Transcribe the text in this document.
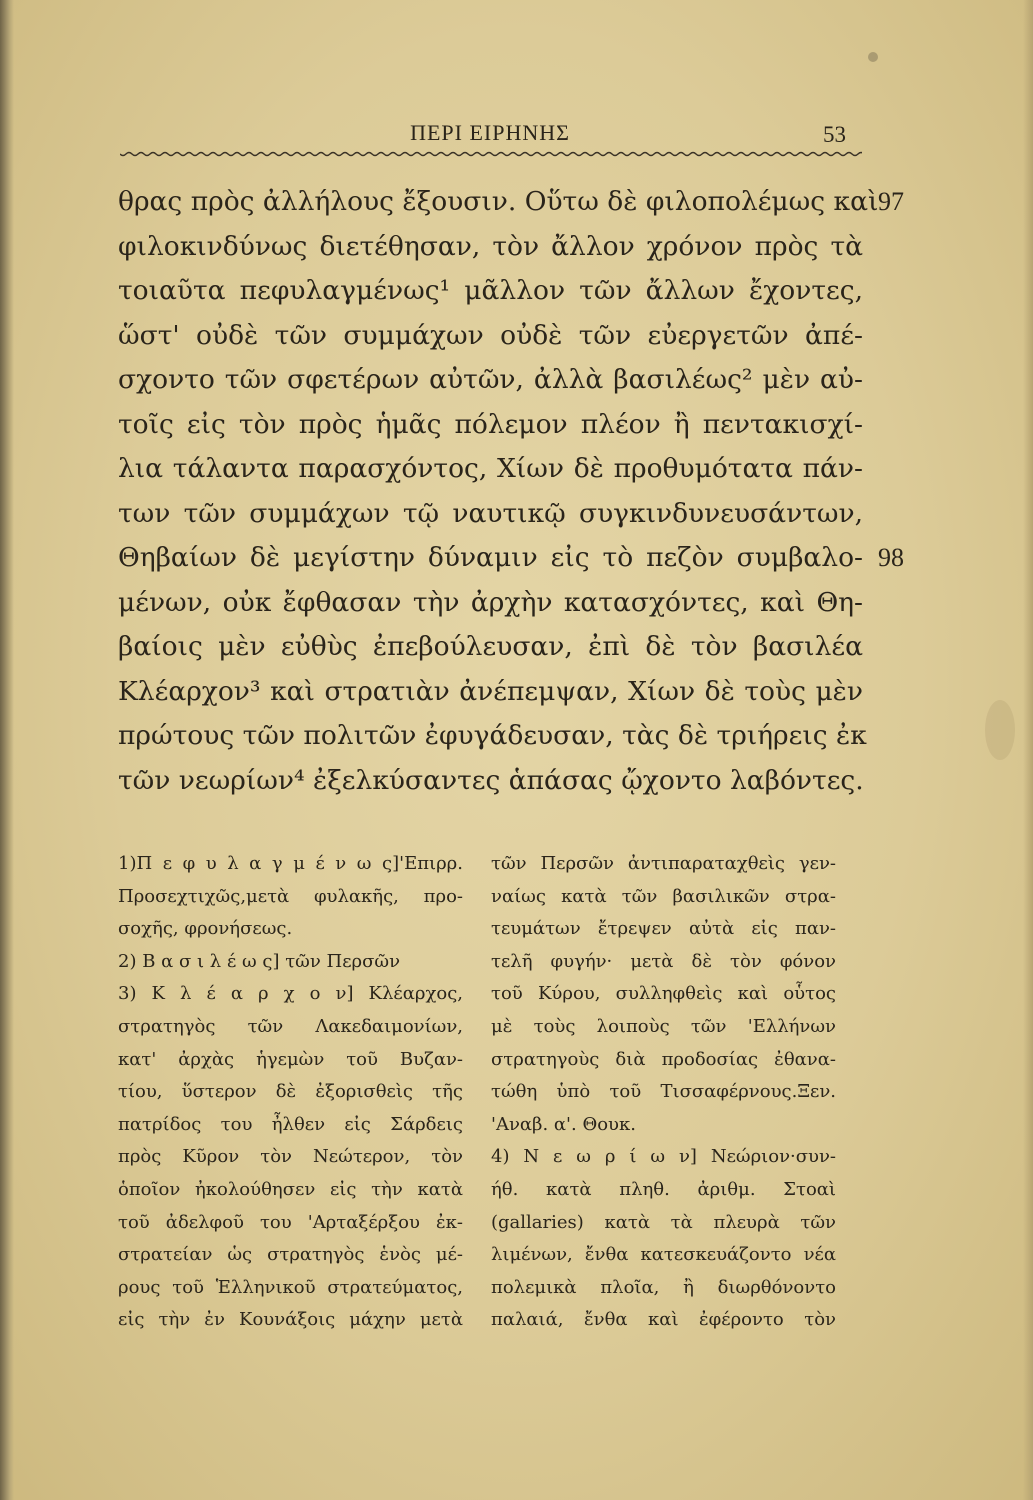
ΠΕΡΙ ΕΙΡΗΝΗΣ	53
θρας πρὸς ἀλλήλους ἔξουσιν. Οὕτω δὲ φιλοπολέμως καὶ 97
φιλοκινδύνως διετέθησαν, τὸν ἄλλον χρόνον πρὸς τὰ
τοιαῦτα πεφυλαγμένως¹ μᾶλλον τῶν ἄλλων ἔχοντες,
ὥστ' οὐδὲ τῶν συμμάχων οὐδὲ τῶν εὐεργετῶν ἀπέ-
σχοντο τῶν σφετέρων αὐτῶν, ἀλλὰ βασιλέως² μὲν αὐ-
τοῖς εἰς τὸν πρὸς ἡμᾶς πόλεμον πλέον ἢ πεντακισχί-
λια τάλαντα παρασχόντος, Χίων δὲ προθυμότατα πάν-
των τῶν συμμάχων τῷ ναυτικῷ συγκινδυνευσάντων,
Θηβαίων δὲ μεγίστην δύναμιν εἰς τὸ πεζὸν συμβαλο- 98
μένων, οὐκ ἔφθασαν τὴν ἀρχὴν κατασχόντες, καὶ Θη-
βαίοις μὲν εὐθὺς ἐπεβούλευσαν, ἐπὶ δὲ τὸν βασιλέα
Κλέαρχον³ καὶ στρατιὰν ἀνέπεμψαν, Χίων δὲ τοὺς μὲν
πρώτους τῶν πολιτῶν ἐφυγάδευσαν, τὰς δὲ τριήρεις ἐκ
τῶν νεωρίων⁴ ἐξελκύσαντες ἁπάσας ᾤχοντο λαβόντες.
1)Π ε φ υ λ α γ μ έ ν ω ς]'Επιρρ.
Προσεχτιχῶς,μετὰ φυλακῆς, προ-
σοχῆς, φρονήσεως.
2) Β α σ ι λ έ ω ς] τῶν Περσῶν
3) Κ λ έ α ρ χ ο ν] Κλέαρχος,
στρατηγὸς τῶν Λακεδαιμονίων,
κατ' ἀρχὰς ἡγεμὼν τοῦ Βυζαν-
τίου, ὕστερον δὲ ἐξορισθεὶς τῆς
πατρίδος του ἦλθεν εἰς Σάρδεις
πρὸς Κῦρον τὸν Νεώτερον, τὸν
ὁποῖον ἠκολούθησεν εἰς τὴν κατὰ
τοῦ ἀδελφοῦ του 'Αρταξέρξου ἐκ-
στρατείαν ὡς στρατηγὸς ἑνὸς μέ-
ρους τοῦ Ἑλληνικοῦ στρατεύματος,
εἰς τὴν ἐν Κουνάξοις μάχην μετὰ
τῶν Περσῶν ἀντιπαραταχθεὶς γεν-
ναίως κατὰ τῶν βασιλικῶν στρα-
τευμάτων ἔτρεψεν αὐτὰ εἰς παν-
τελῆ φυγήν· μετὰ δὲ τὸν φόνον
τοῦ Κύρου, συλληφθεὶς καὶ οὗτος
μὲ τοὺς λοιποὺς τῶν 'Ελλήνων
στρατηγοὺς διὰ προδοσίας ἐθανα-
τώθη ὑπὸ τοῦ Τισσαφέρνους.Ξεν.
'Αναβ. α'. Θουκ.
4) Ν ε ω ρ ί ω ν] Νεώριον·συν-
ήθ. κατὰ πληθ. ἀριθμ. Στοαὶ
(gallaries) κατὰ τὰ πλευρὰ τῶν
λιμένων, ἔνθα κατεσκευάζοντο νέα
πολεμικὰ πλοῖα, ἢ διωρθόνοντο
παλαιά, ἔνθα καὶ ἐφέροντο τὸν
